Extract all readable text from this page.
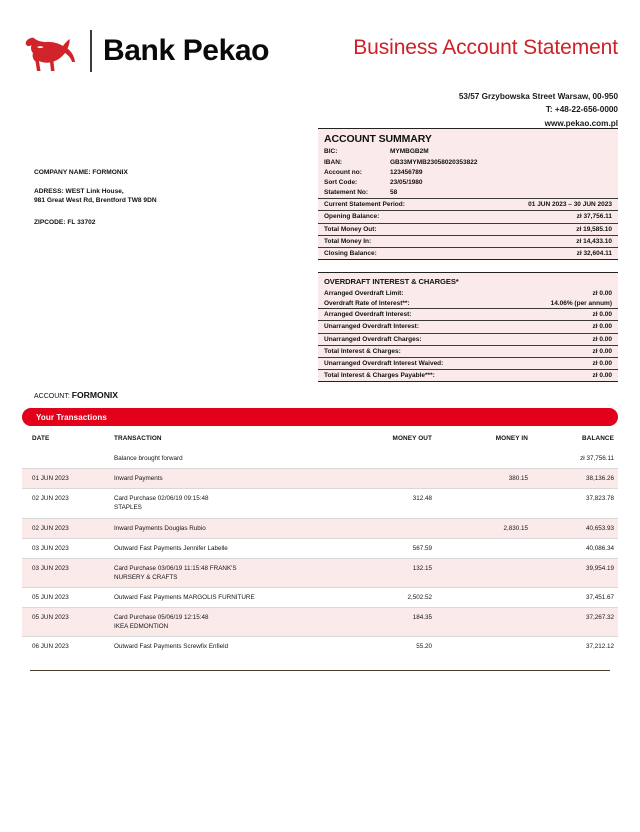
Bank Pekao	Business Account Statement
53/57 Grzybowska Street Warsaw, 00-950
T: +48-22-656-0000
www.pekao.com.pl
COMPANY NAME: FORMONIX
ADRESS: WEST Link House,
981 Great West Rd, Brentford TW8 9DN
ZIPCODE: FL 33702
ACCOUNT SUMMARY
BIC:	MYMBGB2M
IBAN:	GB33MYMB23058020353822
Account no:	123456789
Sort Code:	23/05/1980
Statement No:	58
Current Statement Period:	01 JUN 2023 – 30 JUN 2023
Opening Balance:	zł 37,756.11
Total Money Out:	zł 19,585.10
Total Money In:	zł 14,433.10
Closing Balance:	zł 32,604.11
OVERDRAFT INTEREST & CHARGES*
Arranged Overdraft Limit:	zł 0.00
Overdraft Rate of Interest**:	14.06% (per annum)
Arranged Overdraft Interest:	zł 0.00
Unarranged Overdraft Interest:	zł 0.00
Unarranged Overdraft Charges:	zł 0.00
Total Interest & Charges:	zł 0.00
Unarranged Overdraft Interest Waived:	zł 0.00
Total Interest & Charges Payable***:	zł 0.00
ACCOUNT: FORMONIX
Your Transactions
DATE	TRANSACTION	MONEY OUT	MONEY IN	BALANCE
	Balance brought forward			zł 37,756.11
01 JUN 2023	Inward Payments		380.15	38,136.26
02 JUN 2023	Card Purchase 02/06/19 09:15:48
STAPLES	312.48		37,823.78
02 JUN 2023	Inward Payments Douglas Rubio		2,830.15	40,653.93
03 JUN 2023	Outward Fast Payments Jennifer Labelle	567.59		40,086.34
03 JUN 2023	Card Purchase 03/06/19 11:15:48 FRANK'S
NURSERY & CRAFTS	132.15		39,954.19
05 JUN 2023	Outward Fast Payments MARGOLIS FURNITURE	2,502.52		37,451.67
05 JUN 2023	Card Purchase 05/06/19 12:15:48
IKEA EDMONTION	184.35		37,267.32
06 JUN 2023	Outward Fast Payments Screwfix Enfield	55.20		37,212.12
